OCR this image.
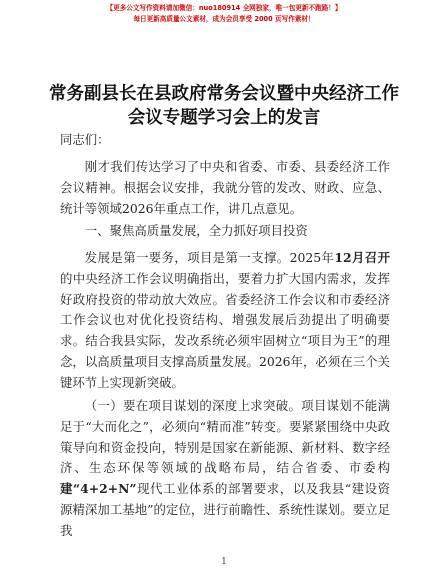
【更多公文写作资料请加微信：nuo180914 全网独家，唯一包更新不跑路！】
每日更新高质量公文素材，成为会员享受 2000 页写作素材！
常务副县长在县政府常务会议暨中央经济工作
会议专题学习会上的发言
同志们：
刚才我们传达学习了中央和省委、市委、县委经济工作会议精神。根据会议安排，我就分管的发改、财政、应急、统计等领域2026年重点工作，讲几点意见。
一、聚焦高质量发展，全力抓好项目投资
发展是第一要务，项目是第一支撑。2025年12月召开的中央经济工作会议明确指出，要着力扩大国内需求，发挥好政府投资的带动放大效应。省委经济工作会议和市委经济工作会议也对优化投资结构、增强发展后劲提出了明确要求。结合我县实际，发改系统必须牢固树立“项目为王”的理念，以高质量项目支撑高质量发展。2026年，必须在三个关键环节上实现新突破。
（一）要在项目谋划的深度上求突破。项目谋划不能满足于“大而化之”，必须向“精而准”转变。要紧紧围绕中央政策导向和资金投向，特别是国家在新能源、新材料、数字经济、生态环保等领域的战略布局，结合省委、市委构建“4+2+N”现代工业体系的部署要求，以及我县“建设资源精深加工基地”的定位，进行前瞻性、系统性谋划。要立足我
1
